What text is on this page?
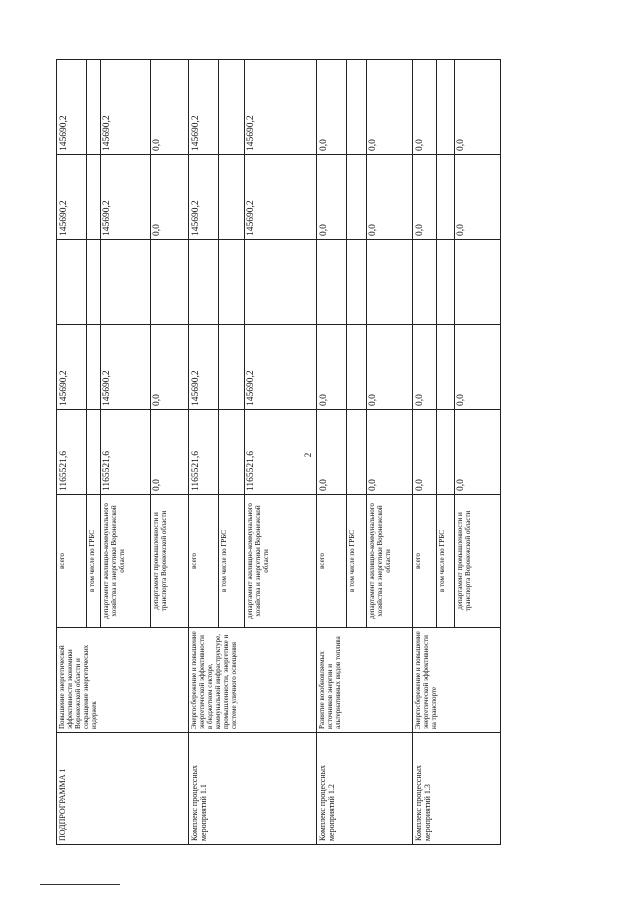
2
ПОДПРОГРАММА 1	Повышение энергетической эффективности экономики Воронежской области и сокращение энергетических издержек	всего	1165521,6	145690,2		145690,2	145690,2
		в том числе по ГРБС					
		департамент жилищно-коммунального хозяйства и энергетики Воронежской области	1165521,6	145690,2		145690,2	145690,2
		департамент промышленности и транспорта Воронежской области	0,0	0,0		0,0	0,0
Комплекс процессных мероприятий 1.1	Энергосбережение и повышение энергетической эффективности в бюджетном секторе, коммунальной инфраструктуре, промышленности, энергетике и системе уличного освещения	всего	1165521,6	145690,2		145690,2	145690,2
		в том числе по ГРБС					
		департамент жилищно-коммунального хозяйства и энергетики Воронежской области	1165521,6	145690,2		145690,2	145690,2
Комплекс процессных мероприятий 1.2	Развитие возобновляемых источников энергии и альтернативных видов топлива	всего	0,0	0,0		0,0	0,0
		в том числе по ГРБС					
		департамент жилищно-коммунального хозяйства и энергетики Воронежской области	0,0	0,0		0,0	0,0
Комплекс процессных мероприятий 1.3	Энергосбережение и повышение энергетической эффективности на транспорте	всего	0,0	0,0		0,0	0,0
		в том числе по ГРБС					
		департамент промышленности и транспорта Воронежской области	0,0	0,0		0,0	0,0
